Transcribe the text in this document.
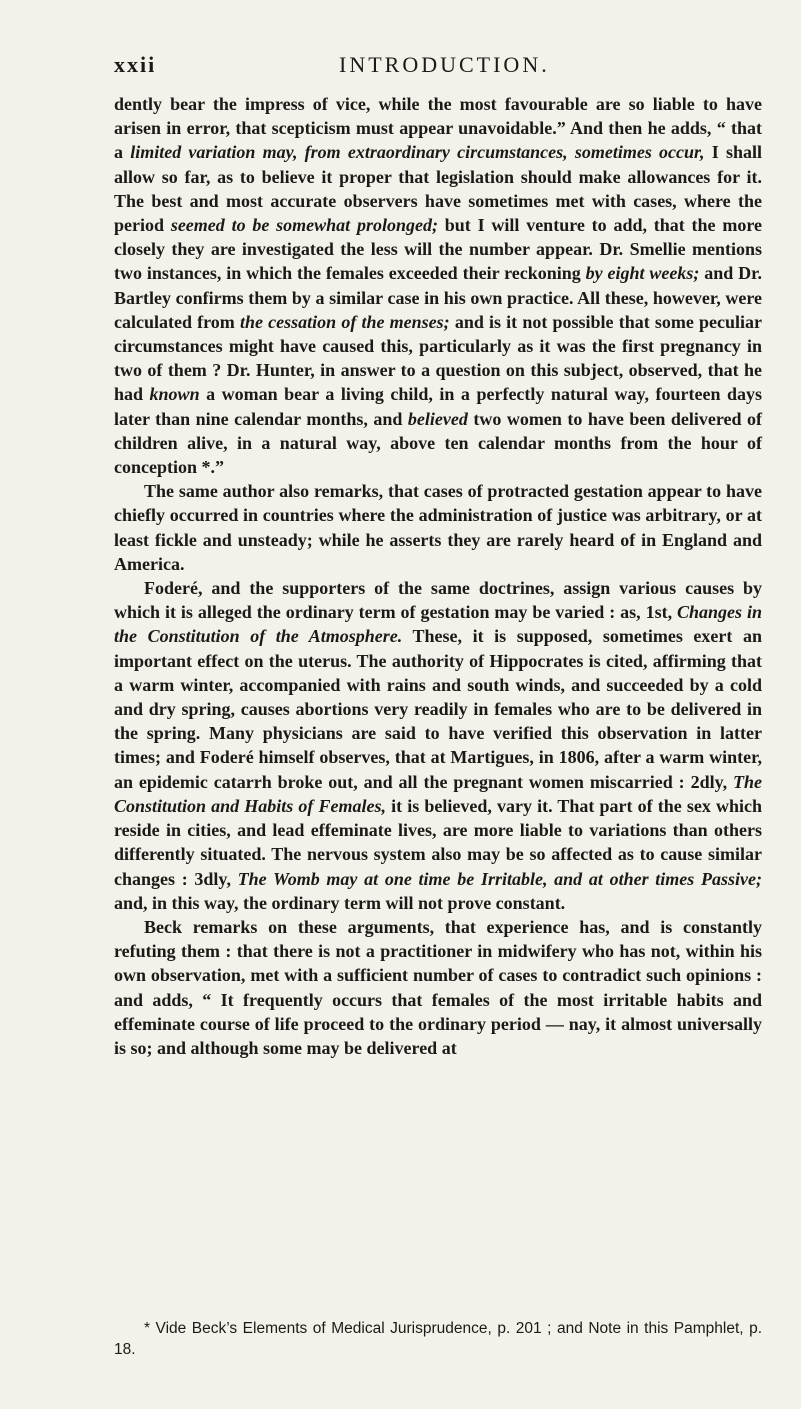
xxii	INTRODUCTION.

dently bear the impress of vice, while the most favourable are so liable to have arisen in error, that scepticism must appear unavoidable.” And then he adds, “ that a limited variation may, from extraordinary circumstances, sometimes occur, I shall allow so far, as to believe it proper that legislation should make allowances for it. The best and most accurate observers have sometimes met with cases, where the period seemed to be somewhat prolonged; but I will venture to add, that the more closely they are investigated the less will the number appear. Dr. Smellie mentions two instances, in which the females exceeded their reckoning by eight weeks; and Dr. Bartley confirms them by a similar case in his own practice. All these, however, were calculated from the cessation of the menses; and is it not possible that some peculiar circumstances might have caused this, particularly as it was the first pregnancy in two of them ? Dr. Hunter, in answer to a question on this subject, observed, that he had known a woman bear a living child, in a perfectly natural way, fourteen days later than nine calendar months, and believed two women to have been delivered of children alive, in a natural way, above ten calendar months from the hour of conception *.”

The same author also remarks, that cases of protracted gestation appear to have chiefly occurred in countries where the administration of justice was arbitrary, or at least fickle and unsteady; while he asserts they are rarely heard of in England and America.

Foderé, and the supporters of the same doctrines, assign various causes by which it is alleged the ordinary term of gestation may be varied : as, 1st, Changes in the Constitution of the Atmosphere. These, it is supposed, sometimes exert an important effect on the uterus. The authority of Hippocrates is cited, affirming that a warm winter, accompanied with rains and south winds, and succeeded by a cold and dry spring, causes abortions very readily in females who are to be delivered in the spring. Many physicians are said to have verified this observation in latter times; and Foderé himself observes, that at Martigues, in 1806, after a warm winter, an epidemic catarrh broke out, and all the pregnant women miscarried : 2dly, The Constitution and Habits of Females, it is believed, vary it. That part of the sex which reside in cities, and lead effeminate lives, are more liable to variations than others differently situated. The nervous system also may be so affected as to cause similar changes : 3dly, The Womb may at one time be Irritable, and at other times Passive; and, in this way, the ordinary term will not prove constant.

Beck remarks on these arguments, that experience has, and is constantly refuting them : that there is not a practitioner in midwifery who has not, within his own observation, met with a sufficient number of cases to contradict such opinions : and adds, “ It frequently occurs that females of the most irritable habits and effeminate course of life proceed to the ordinary period — nay, it almost universally is so; and although some may be delivered at

* Vide Beck’s Elements of Medical Jurisprudence, p. 201 ; and Note in this Pamphlet, p. 18.
